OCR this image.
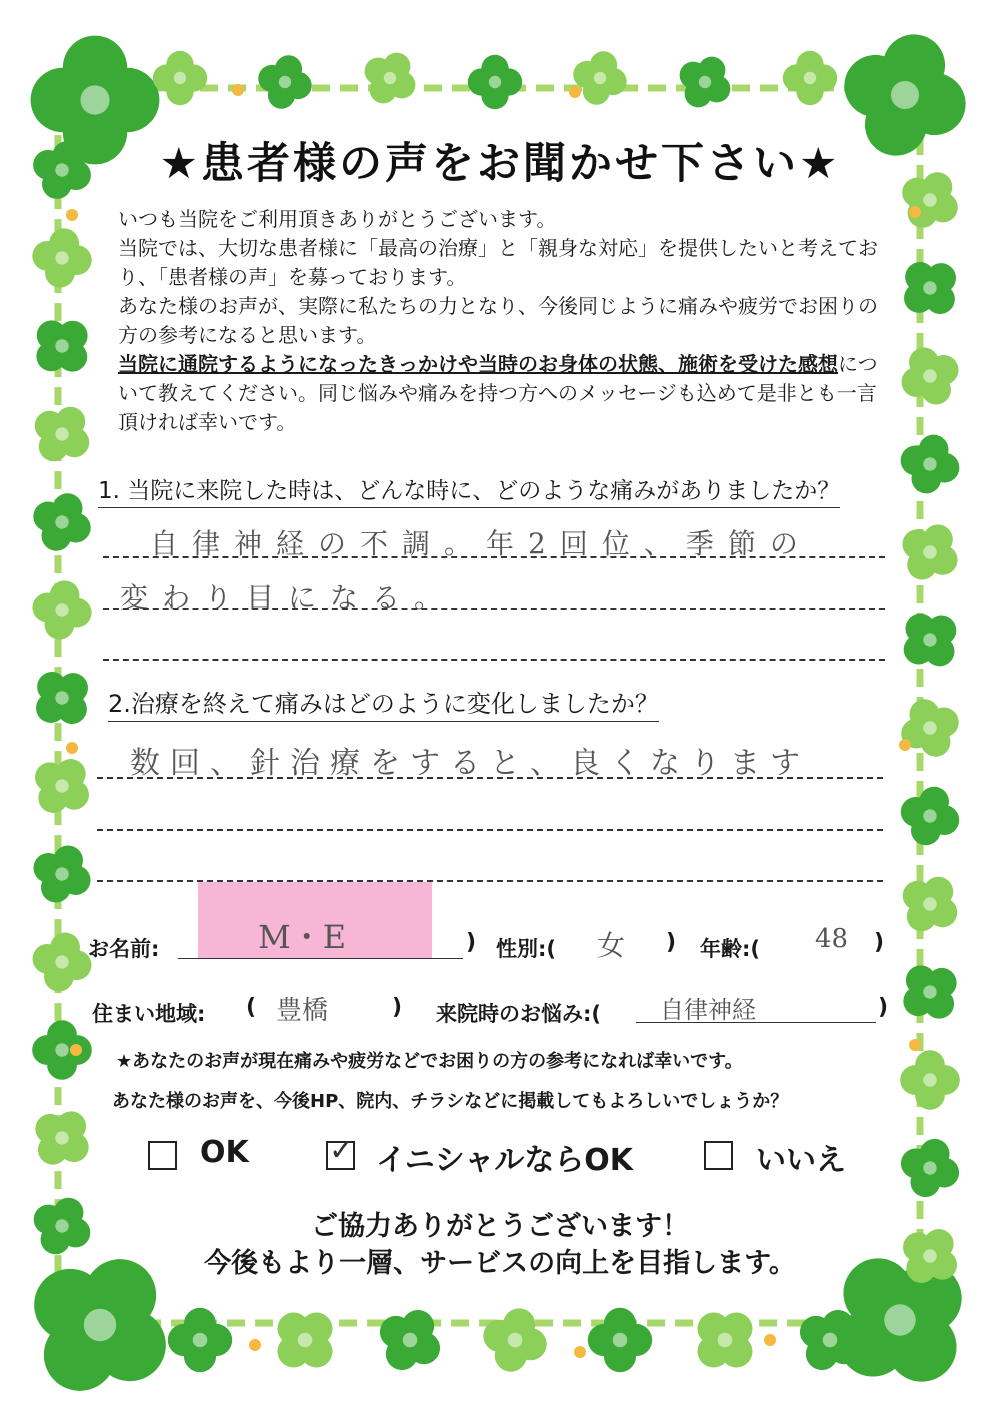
★患者様の声をお聞かせ下さい★

いつも当院をご利用頂きありがとうございます。

当院では、大切な患者様に「最高の治療」と「親身な対応」を提供したいと考えており、「患者様の声」を募っております。

あなた様のお声が、実際に私たちの力となり、今後同じように痛みや疲労でお困りの方の参考になると思います。

当院に通院するようになったきっかけや当時のお身体の状態、施術を受けた感想について教えてください。同じ悩みや痛みを持つ方へのメッセージも込めて是非とも一言頂ければ幸いです。

1. 当院に来院した時は、どんな時に、どのような痛みがありましたか？
自律神経の不調。年2回位、季節の
変わり目になる。
2.治療を終えて痛みはどのように変化しましたか？
数回、針治療をすると、良くなります
お名前:	M・E	) 性別:( 女 ) 年齢:( 48 )
住まい地域: ( 豊橋	) 来院時のお悩み:( 自律神経	)
★あなたのお声が現在痛みや疲労などでお困りの方の参考になれば幸いです。
あなた様のお声を、今後HP、院内、チラシなどに掲載してもよろしいでしょうか？
OK	✓ イニシャルならOK	いいえ
ご協力ありがとうございます！
今後もより一層、サービスの向上を目指します。
